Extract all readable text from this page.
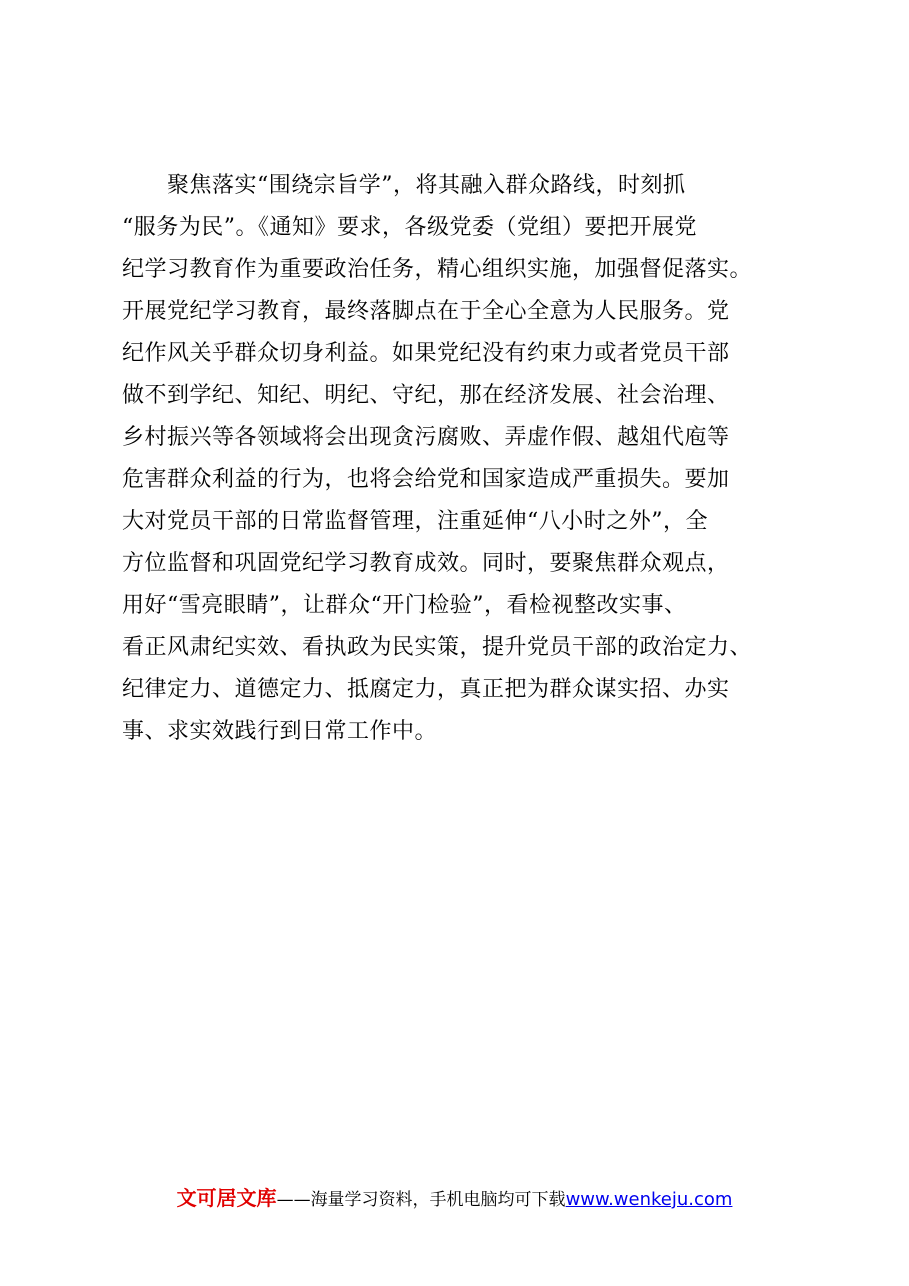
　　聚焦落实“围绕宗旨学”，将其融入群众路线，时刻抓
“服务为民”。《通知》要求，各级党委（党组）要把开展党
纪学习教育作为重要政治任务，精心组织实施，加强督促落实。
开展党纪学习教育，最终落脚点在于全心全意为人民服务。党
纪作风关乎群众切身利益。如果党纪没有约束力或者党员干部
做不到学纪、知纪、明纪、守纪，那在经济发展、社会治理、
乡村振兴等各领域将会出现贪污腐败、弄虚作假、越俎代庖等
危害群众利益的行为，也将会给党和国家造成严重损失。要加
大对党员干部的日常监督管理，注重延伸“八小时之外”，全
方位监督和巩固党纪学习教育成效。同时，要聚焦群众观点，
用好“雪亮眼睛”，让群众“开门检验”，看检视整改实事、
看正风肃纪实效、看执政为民实策，提升党员干部的政治定力、
纪律定力、道德定力、抵腐定力，真正把为群众谋实招、办实
事、求实效践行到日常工作中。
文可居文库——海量学习资料，手机电脑均可下载www.wenkeju.com
